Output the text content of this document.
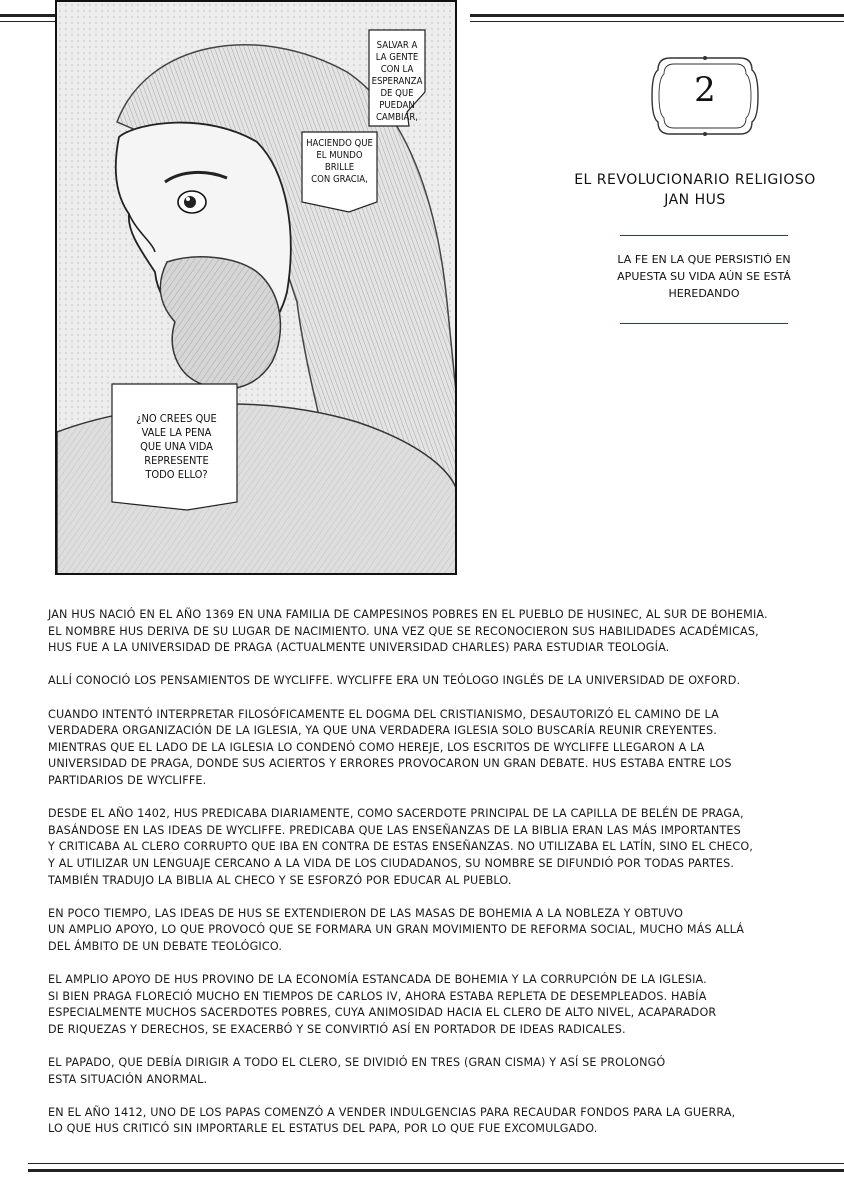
SALVAR A
LA GENTE
CON LA
ESPERANZA
DE QUE
PUEDAN
CAMBIAR,
HACIENDO QUE
EL MUNDO
BRILLE
CON GRACIA,
¿NO CREES QUE
VALE LA PENA
QUE UNA VIDA
REPRESENTE
TODO ELLO?
2
EL REVOLUCIONARIO RELIGIOSO
JAN HUS
LA FE EN LA QUE PERSISTIÓ EN
APUESTA SU VIDA AÚN SE ESTÁ
HEREDANDO

JAN HUS NACIÓ EN EL AÑO 1369 EN UNA FAMILIA DE CAMPESINOS POBRES EN EL PUEBLO DE HUSINEC, AL SUR DE BOHEMIA.
EL NOMBRE HUS DERIVA DE SU LUGAR DE NACIMIENTO. UNA VEZ QUE SE RECONOCIERON SUS HABILIDADES ACADÉMICAS,
HUS FUE A LA UNIVERSIDAD DE PRAGA (ACTUALMENTE UNIVERSIDAD CHARLES) PARA ESTUDIAR TEOLOGÍA.

ALLÍ CONOCIÓ LOS PENSAMIENTOS DE WYCLIFFE. WYCLIFFE ERA UN TEÓLOGO INGLÉS DE LA UNIVERSIDAD DE OXFORD.

CUANDO INTENTÓ INTERPRETAR FILOSÓFICAMENTE EL DOGMA DEL CRISTIANISMO, DESAUTORIZÓ EL CAMINO DE LA
VERDADERA ORGANIZACIÓN DE LA IGLESIA, YA QUE UNA VERDADERA IGLESIA SOLO BUSCARÍA REUNIR CREYENTES.
MIENTRAS QUE EL LADO DE LA IGLESIA LO CONDENÓ COMO HEREJE, LOS ESCRITOS DE WYCLIFFE LLEGARON A LA
UNIVERSIDAD DE PRAGA, DONDE SUS ACIERTOS Y ERRORES PROVOCARON UN GRAN DEBATE. HUS ESTABA ENTRE LOS
PARTIDARIOS DE WYCLIFFE.

DESDE EL AÑO 1402, HUS PREDICABA DIARIAMENTE, COMO SACERDOTE PRINCIPAL DE LA CAPILLA DE BELÉN DE PRAGA,
BASÁNDOSE EN LAS IDEAS DE WYCLIFFE. PREDICABA QUE LAS ENSEÑANZAS DE LA BIBLIA ERAN LAS MÁS IMPORTANTES
Y CRITICABA AL CLERO CORRUPTO QUE IBA EN CONTRA DE ESTAS ENSEÑANZAS. NO UTILIZABA EL LATÍN, SINO EL CHECO,
Y AL UTILIZAR UN LENGUAJE CERCANO A LA VIDA DE LOS CIUDADANOS, SU NOMBRE SE DIFUNDIÓ POR TODAS PARTES.
TAMBIÉN TRADUJO LA BIBLIA AL CHECO Y SE ESFORZÓ POR EDUCAR AL PUEBLO.

EN POCO TIEMPO, LAS IDEAS DE HUS SE EXTENDIERON DE LAS MASAS DE BOHEMIA A LA NOBLEZA Y OBTUVO
UN AMPLIO APOYO, LO QUE PROVOCÓ QUE SE FORMARA UN GRAN MOVIMIENTO DE REFORMA SOCIAL, MUCHO MÁS ALLÁ
DEL ÁMBITO DE UN DEBATE TEOLÓGICO.

EL AMPLIO APOYO DE HUS PROVINO DE LA ECONOMÍA ESTANCADA DE BOHEMIA Y LA CORRUPCIÓN DE LA IGLESIA.
SI BIEN PRAGA FLORECIÓ MUCHO EN TIEMPOS DE CARLOS IV, AHORA ESTABA REPLETA DE DESEMPLEADOS. HABÍA
ESPECIALMENTE MUCHOS SACERDOTES POBRES, CUYA ANIMOSIDAD HACIA EL CLERO DE ALTO NIVEL, ACAPARADOR
DE RIQUEZAS Y DERECHOS, SE EXACERBÓ Y SE CONVIRTIÓ ASÍ EN PORTADOR DE IDEAS RADICALES.

EL PAPADO, QUE DEBÍA DIRIGIR A TODO EL CLERO, SE DIVIDIÓ EN TRES (GRAN CISMA) Y ASÍ SE PROLONGÓ
ESTA SITUACIÓN ANORMAL.

EN EL AÑO 1412, UNO DE LOS PAPAS COMENZÓ A VENDER INDULGENCIAS PARA RECAUDAR FONDOS PARA LA GUERRA,
LO QUE HUS CRITICÓ SIN IMPORTARLE EL ESTATUS DEL PAPA, POR LO QUE FUE EXCOMULGADO.
